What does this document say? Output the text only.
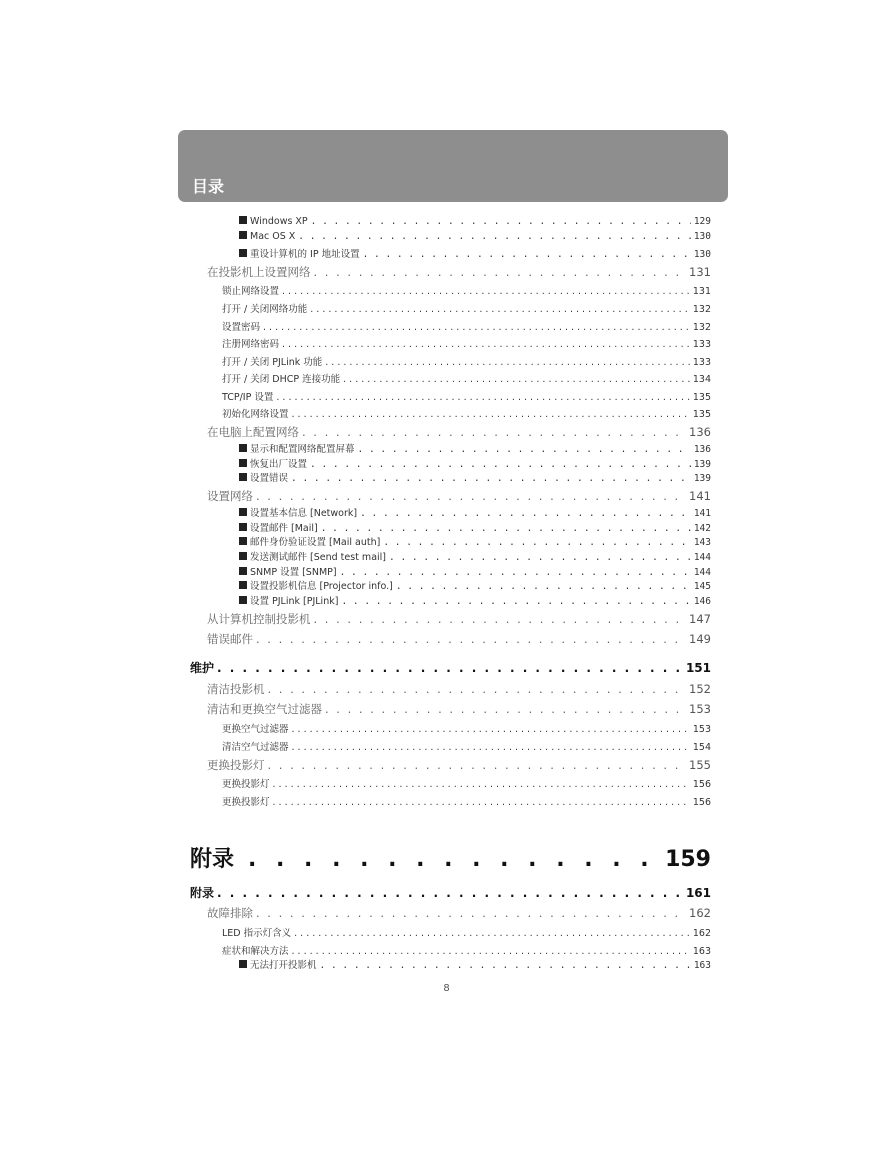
目录
Windows XP . . .	129
Mac OS X . . .	130
重设计算机的 IP 地址设置 . . .	130
在投影机上设置网络 . . .	131
锁止网络设置 . . .	131
打开 / 关闭网络功能 . . .	132
设置密码 . . .	132
注册网络密码 . . .	133
打开 / 关闭 PJLink 功能 . . .	133
打开 / 关闭 DHCP 连接功能 . . .	134
TCP/IP 设置 . . .	135
初始化网络设置 . . .	135
在电脑上配置网络 . . .	136
显示和配置网络配置屏幕 . . .	136
恢复出厂设置 . . .	139
设置错误 . . .	139
设置网络 . . .	141
设置基本信息 [Network] . . .	141
设置邮件 [Mail] . . .	142
邮件身份验证设置 [Mail auth] . . .	143
发送测试邮件 [Send test mail] . . .	144
SNMP 设置 [SNMP] . . .	144
设置投影机信息 [Projector info.] . . .	145
设置 PJLink [PJLink] . . .	146
从计算机控制投影机 . . .	147
错误邮件 . . .	149
维护 . . .	151
清洁投影机 . . .	152
清洁和更换空气过滤器 . . .	153
更换空气过滤器 . . .	153
清洁空气过滤器 . . .	154
更换投影灯 . . .	155
更换投影灯 . . .	156
更换投影灯 . . .	156
附录 . . .	159
附录 . . .	161
故障排除 . . .	162
LED 指示灯含义 . . .	162
症状和解决方法 . . .	163
无法打开投影机 . . .	163
8
